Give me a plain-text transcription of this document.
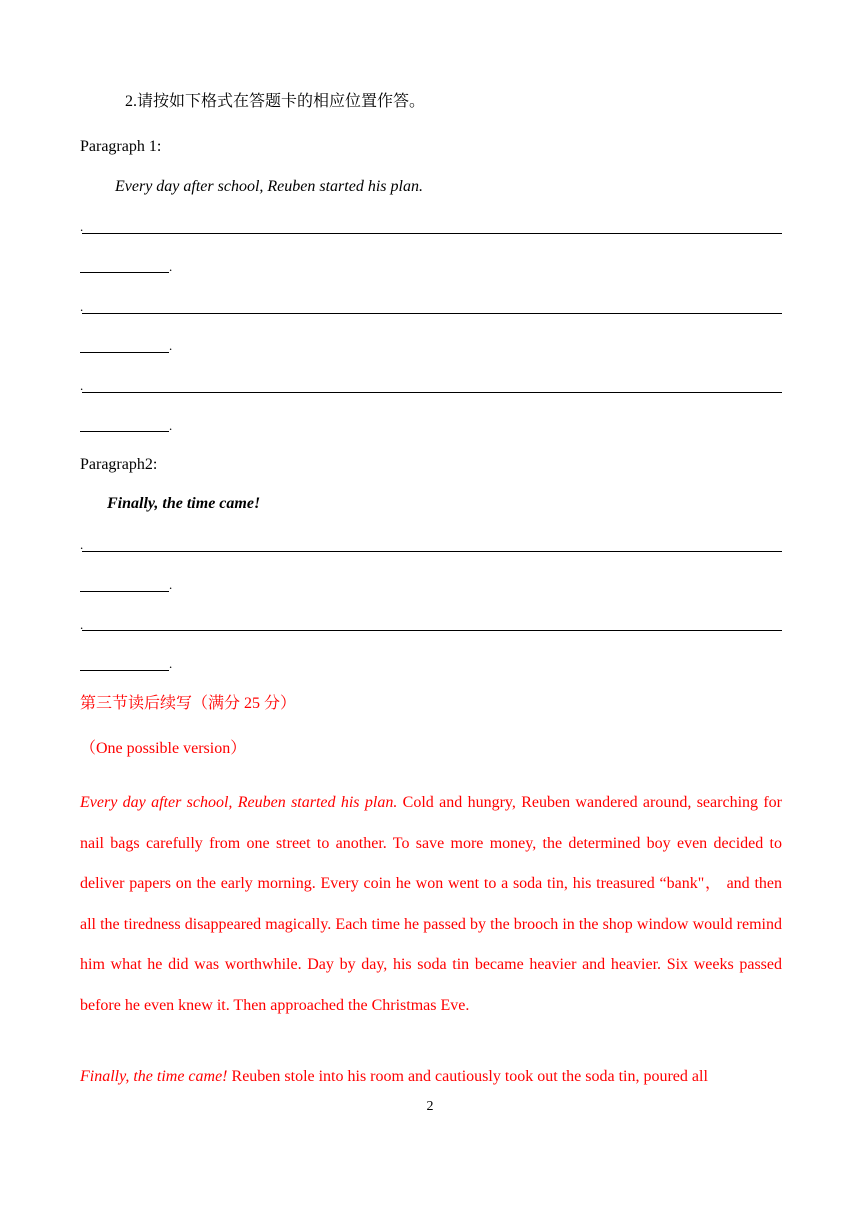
2.请按如下格式在答题卡的相应位置作答。
Paragraph 1:
Every day after school, Reuben started his plan.
.
.
.
.
.
.
Paragraph2:
Finally, the time came!
.
.
.
.
第三节读后续写（满分 25 分）
（One possible version）

Every day after school, Reuben started his plan. Cold and hungry, Reuben wandered around, searching for nail bags carefully from one street to another. To save more money, the determined boy even decided to deliver papers on the early morning. Every coin he won went to a soda tin, his treasured “bank"， and then all the tiredness disappeared magically. Each time he passed by the brooch in the shop window would remind him what he did was worthwhile. Day by day, his soda tin became heavier and heavier. Six weeks passed before he even knew it. Then approached the Christmas Eve.

Finally, the time came! Reuben stole into his room and cautiously took out the soda tin, poured all

2
